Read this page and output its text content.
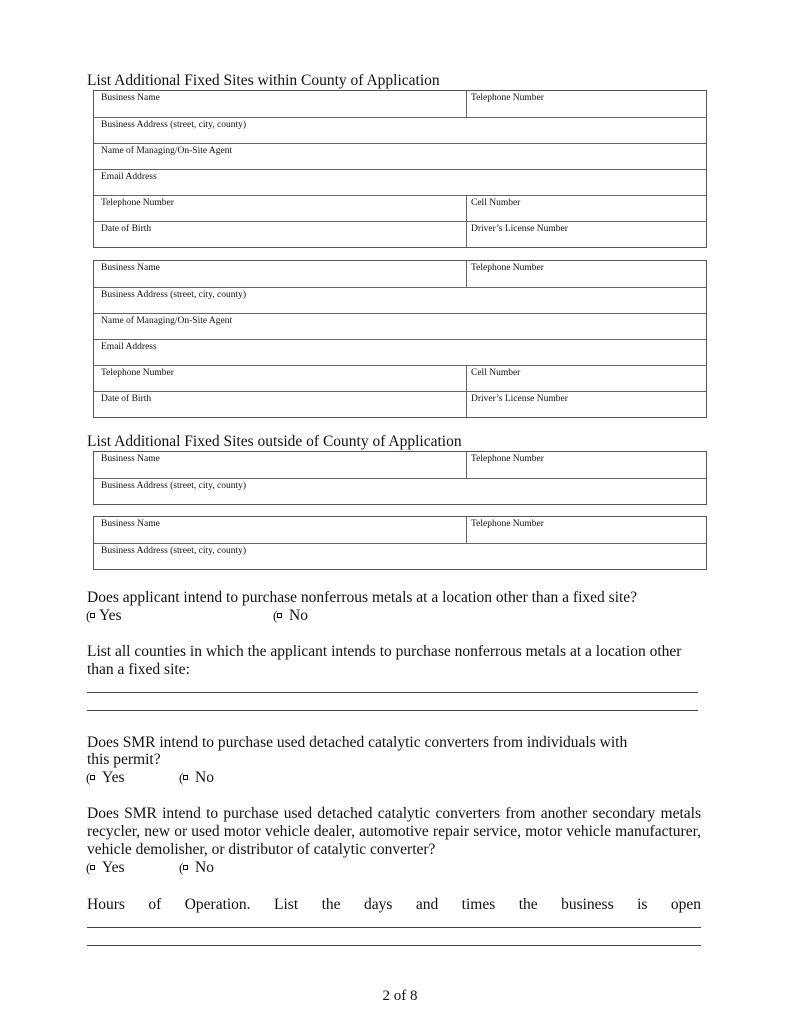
List Additional Fixed Sites within County of Application
Business Name	Telephone Number
Business Address (street, city, county)
Name of Managing/On-Site Agent
Email Address
Telephone Number	Cell Number
Date of Birth	Driver’s License Number
Business Name	Telephone Number
Business Address (street, city, county)
Name of Managing/On-Site Agent
Email Address
Telephone Number	Cell Number
Date of Birth	Driver’s License Number
List Additional Fixed Sites outside of County of Application
Business Name	Telephone Number
Business Address (street, city, county)
Business Name	Telephone Number
Business Address (street, city, county)
Does applicant intend to purchase nonferrous metals at a location other than a fixed site?
(
Yes (	No
List all counties in which the applicant intends to purchase nonferrous metals at a location other
than a fixed site:
Does SMR intend to purchase used detached catalytic converters from individuals with
this permit?
(
Yes (	No
Does SMR intend to purchase used detached catalytic converters from another secondary metals
recycler, new or used motor vehicle dealer, automotive repair service, motor vehicle manufacturer,
vehicle demolisher, or distributor of catalytic converter?
(
Yes (	No
Hours of Operation. List the days and times the business is open
2 of 8
